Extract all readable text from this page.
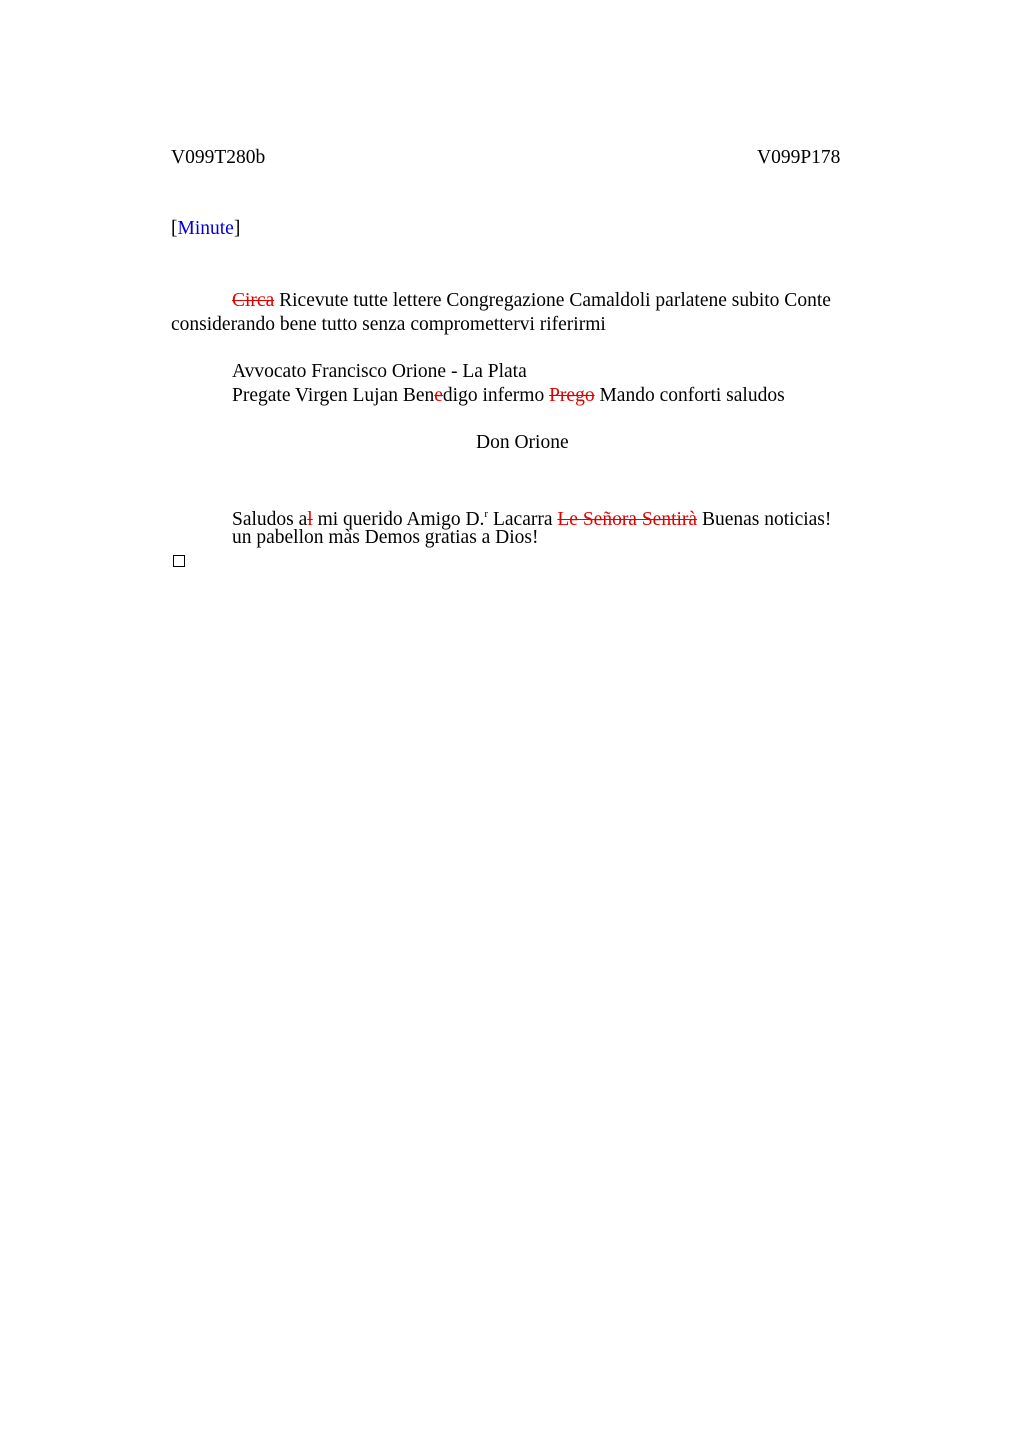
V099T280b	V099P178
[Minute]
Circa Ricevute tutte lettere Congregazione Camaldoli parlatene subito Conte
considerando bene tutto senza compromettervi riferirmi
Avvocato Francisco Orione - La Plata
Pregate Virgen Lujan Benedigo infermo Prego Mando conforti saludos
Don Orione
Saludos al mi querido Amigo D.$^r$ Lacarra Le Señora Sentirà Buenas noticias!
un pabellon màs Demos gratias a Dios!
